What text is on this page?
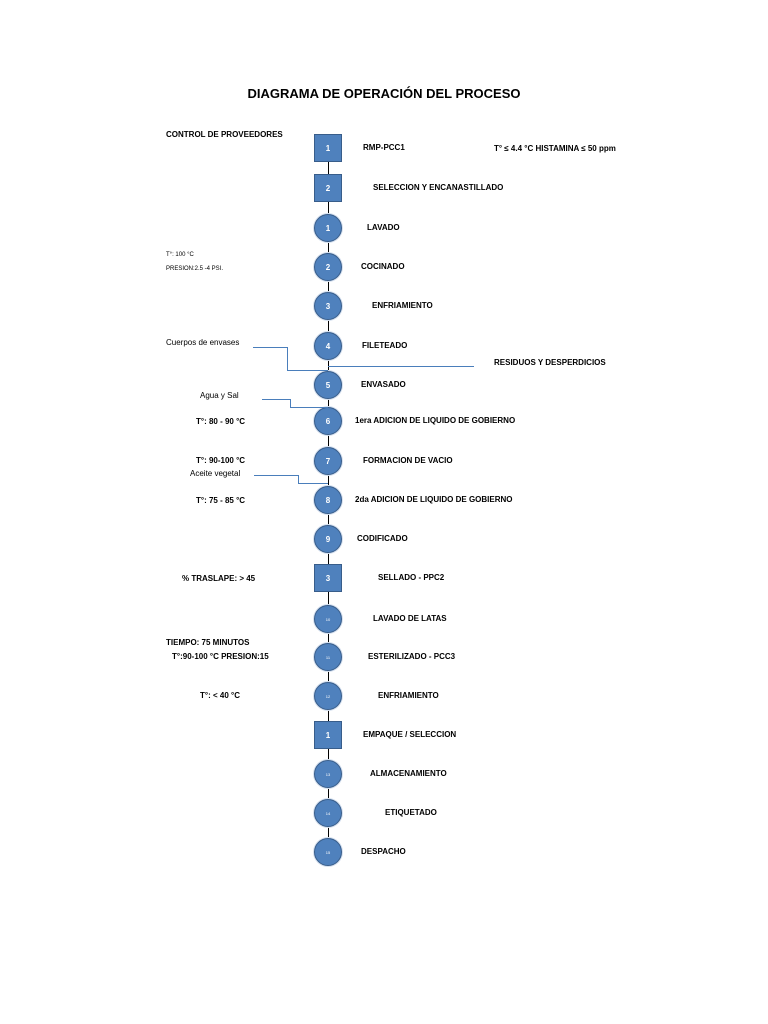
DIAGRAMA DE OPERACIÓN DEL PROCESO
1	RMP-PCC1
2	SELECCION Y ENCANASTILLADO
1	LAVADO
2	COCINADO
3	ENFRIAMIENTO
4	FILETEADO
5	ENVASADO
6	1era ADICION DE LIQUIDO DE GOBIERNO
7	FORMACION DE VACIO
8	2da ADICION DE LIQUIDO DE GOBIERNO
9	CODIFICADO
3	SELLADO - PPC2
10	LAVADO DE LATAS
11	ESTERILIZADO - PCC3
12	ENFRIAMIENTO
1	EMPAQUE / SELECCION
13	ALMACENAMIENTO
14	ETIQUETADO
15	DESPACHO
CONTROL DE PROVEEDORES
T° ≤ 4.4 °C HISTAMINA ≤ 50 ppm
T°: 100 °C
PRESION:2.5 -4 PSI.
Cuerpos de envases
RESIDUOS Y DESPERDICIOS
Agua y Sal
T°: 80 - 90 °C
T°: 90-100 °C
Aceite vegetal
T°: 75 - 85 °C
% TRASLAPE: > 45
TIEMPO: 75 MINUTOS
T°:90-100 °C PRESION:15
T°: < 40 °C
